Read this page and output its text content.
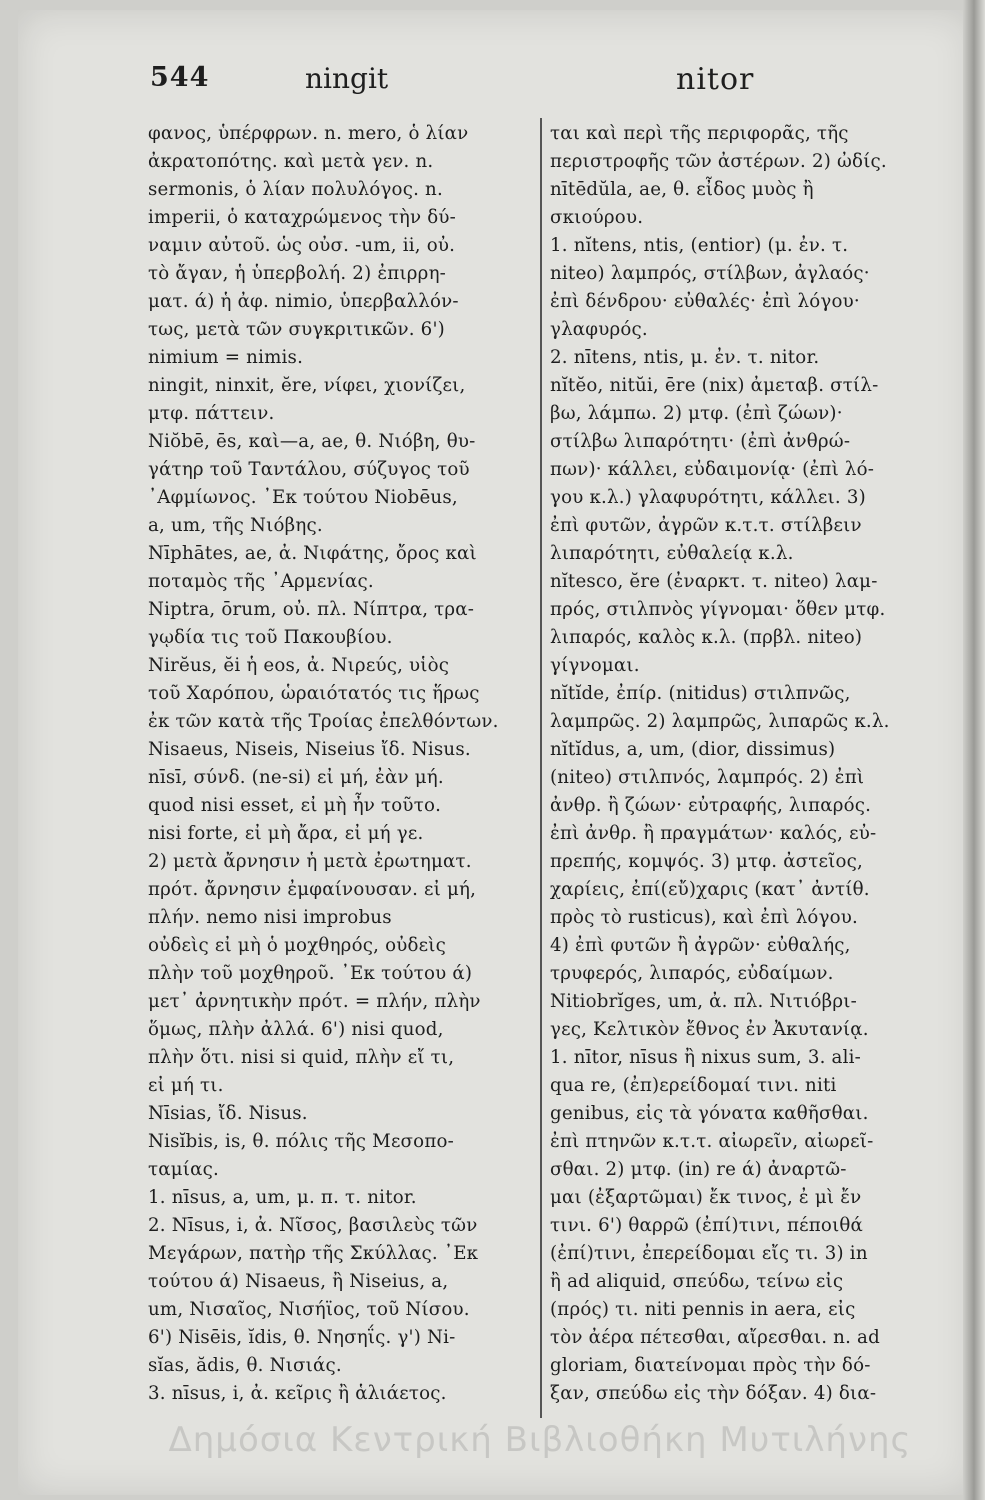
544	ningit	nitor
φανος, ὑπέρφρων. n. mero, ὁ λίαν
ἀκρατοπότης. καὶ μετὰ γεν. n.
sermonis, ὁ λίαν πολυλόγος. n.
imperii, ὁ καταχρώμενος τὴν δύ-
ναμιν αὐτοῦ. ὡς οὐσ. -um, ii, οὐ.
τὸ ἄγαν, ἡ ὑπερβολή. 2) ἐπιρρη-
ματ. ά) ἡ ἀφ. nimio, ὑπερβαλλόν-
τως, μετὰ τῶν συγκριτικῶν. 6')
nimium = nimis.
ningit, ninxit, ĕre, νίφει, χιονίζει,
μτφ. πάττειν.
Niŏbē, ēs, καὶ—a, ae, θ. Νιόβη, θυ-
γάτηρ τοῦ Ταντάλου, σύζυγος τοῦ
᾿Αφμίωνος. ᾿Εκ τούτου Niobēus,
a, um, τῆς Νιόβης.
Nīphātes, ae, ἀ. Νιφάτης, ὄρος καὶ
ποταμὸς τῆς ᾿Αρμενίας.
Niptra, ōrum, οὐ. πλ. Νίπτρα, τρα-
γῳδία τις τοῦ Πακουβίου.
Nirĕus, ĕi ἡ eos, ἀ. Νιρεύς, υἱὸς
τοῦ Χαρόπου, ὡραιότατός τις ἥρως
ἐκ τῶν κατὰ τῆς Τροίας ἐπελθόντων.
Nisaeus, Niseis, Niseius ἴδ. Nisus.
nīsī, σύνδ. (ne-si) εἰ μή, ἐὰν μή.
quod nisi esset, εἰ μὴ ἦν τοῦτο.
nisi forte, εἰ μὴ ἄρα, εἰ μή γε.
2) μετὰ ἄρνησιν ἡ μετὰ ἐρωτηματ.
πρότ. ἄρνησιν ἐμφαίνουσαν. εἰ μή,
πλήν. nemo nisi improbus
οὐδεὶς εἰ μὴ ὁ μοχθηρός, οὐδεὶς
πλὴν τοῦ μοχθηροῦ. ᾿Εκ τούτου ά)
μετ᾿ ἀρνητικὴν πρότ. = πλήν, πλὴν
ὅμως, πλὴν ἀλλά. 6') nisi quod,
πλὴν ὅτι. nisi si quid, πλὴν εἴ τι,
εἰ μή τι.
Nīsias, ἴδ. Nisus.
Nisĭbis, is, θ. πόλις τῆς Μεσοπο-
ταμίας.
1. nīsus, a, um, μ. π. τ. nitor.
2. Nīsus, i, ἀ. Νῖσος, βασιλεὺς τῶν
Μεγάρων, πατὴρ τῆς Σκύλλας. ᾿Εκ
τούτου ά) Nisaeus, ἢ Niseius, a,
um, Νισαῖος, Νισήϊος, τοῦ Νίσου.
6') Nisēis, ĭdis, θ. Νησηΐς. γ') Ni-
sĭas, ădis, θ. Νισιάς.
3. nīsus, i, ἀ. κεῖρις ἢ ἁλιάετος.
ται καὶ περὶ τῆς περιφορᾶς, τῆς
περιστροφῆς τῶν ἀστέρων. 2) ὠδίς.
nītēdŭla, ae, θ. εἶδος μυὸς ἢ
σκιούρου.
1. nĭtens, ntis, (entior) (μ. ἐν. τ.
niteo) λαμπρός, στίλβων, ἀγλαός·
ἐπὶ δένδρου· εὐθαλές· ἐπὶ λόγου·
γλαφυρός.
2. nītens, ntis, μ. ἐν. τ. nitor.
nĭtĕo, nitŭi, ēre (nix) ἀμεταβ. στίλ-
βω, λάμπω. 2) μτφ. (ἐπὶ ζώων)·
στίλβω λιπαρότητι· (ἐπὶ ἀνθρώ-
πων)· κάλλει, εὐδαιμονίᾳ· (ἐπὶ λό-
γου κ.λ.) γλαφυρότητι, κάλλει. 3)
ἐπὶ φυτῶν, ἀγρῶν κ.τ.τ. στίλβειν
λιπαρότητι, εὐθαλείᾳ κ.λ.
nĭtesco, ĕre (ἐναρκτ. τ. niteo) λαμ-
πρός, στιλπνὸς γίγνομαι· ὅθεν μτφ.
λιπαρός, καλὸς κ.λ. (πρβλ. niteo)
γίγνομαι.
nĭtĭde, ἐπίρ. (nitidus) στιλπνῶς,
λαμπρῶς. 2) λαμπρῶς, λιπαρῶς κ.λ.
nĭtĭdus, a, um, (dior, dissimus)
(niteo) στιλπνός, λαμπρός. 2) ἐπὶ
ἀνθρ. ἢ ζώων· εὐτραφής, λιπαρός.
ἐπὶ ἀνθρ. ἢ πραγμάτων· καλός, εὐ-
πρεπής, κομψός. 3) μτφ. ἀστεῖος,
χαρίεις, ἐπί(εὔ)χαρις (κατ᾿ ἀντίθ.
πρὸς τὸ rusticus), καὶ ἐπὶ λόγου.
4) ἐπὶ φυτῶν ἢ ἀγρῶν· εὐθαλής,
τρυφερός, λιπαρός, εὐδαίμων.
Nitiobrĭges, um, ἀ. πλ. Νιτιόβρι-
γες, Κελτικὸν ἔθνος ἐν Ἀκυτανίᾳ.
1. nītor, nīsus ἢ nixus sum, 3. ali-
qua re, (ἐπ)ερείδομαί τινι. niti
genibus, εἰς τὰ γόνατα καθῆσθαι.
ἐπὶ πτηνῶν κ.τ.τ. αἰωρεῖν, αἰωρεῖ-
σθαι. 2) μτφ. (in) re ά) ἀναρτῶ-
μαι (ἐξαρτῶμαι) ἔκ τινος, ἐ μὶ ἔν
τινι. 6') θαρρῶ (ἐπί)τινι, πέποιθά
(ἐπί)τινι, ἐπερείδομαι εἴς τι. 3) in
ἢ ad aliquid, σπεύδω, τείνω εἰς
(πρός) τι. niti pennis in aera, εἰς
τὸν ἀέρα πέτεσθαι, αἴρεσθαι. n. ad
gloriam, διατείνομαι πρὸς τὴν δό-
ξαν, σπεύδω εἰς τὴν δόξαν. 4) δια-
Δημόσια Κεντρική Βιβλιοθήκη Μυτιλήνης
